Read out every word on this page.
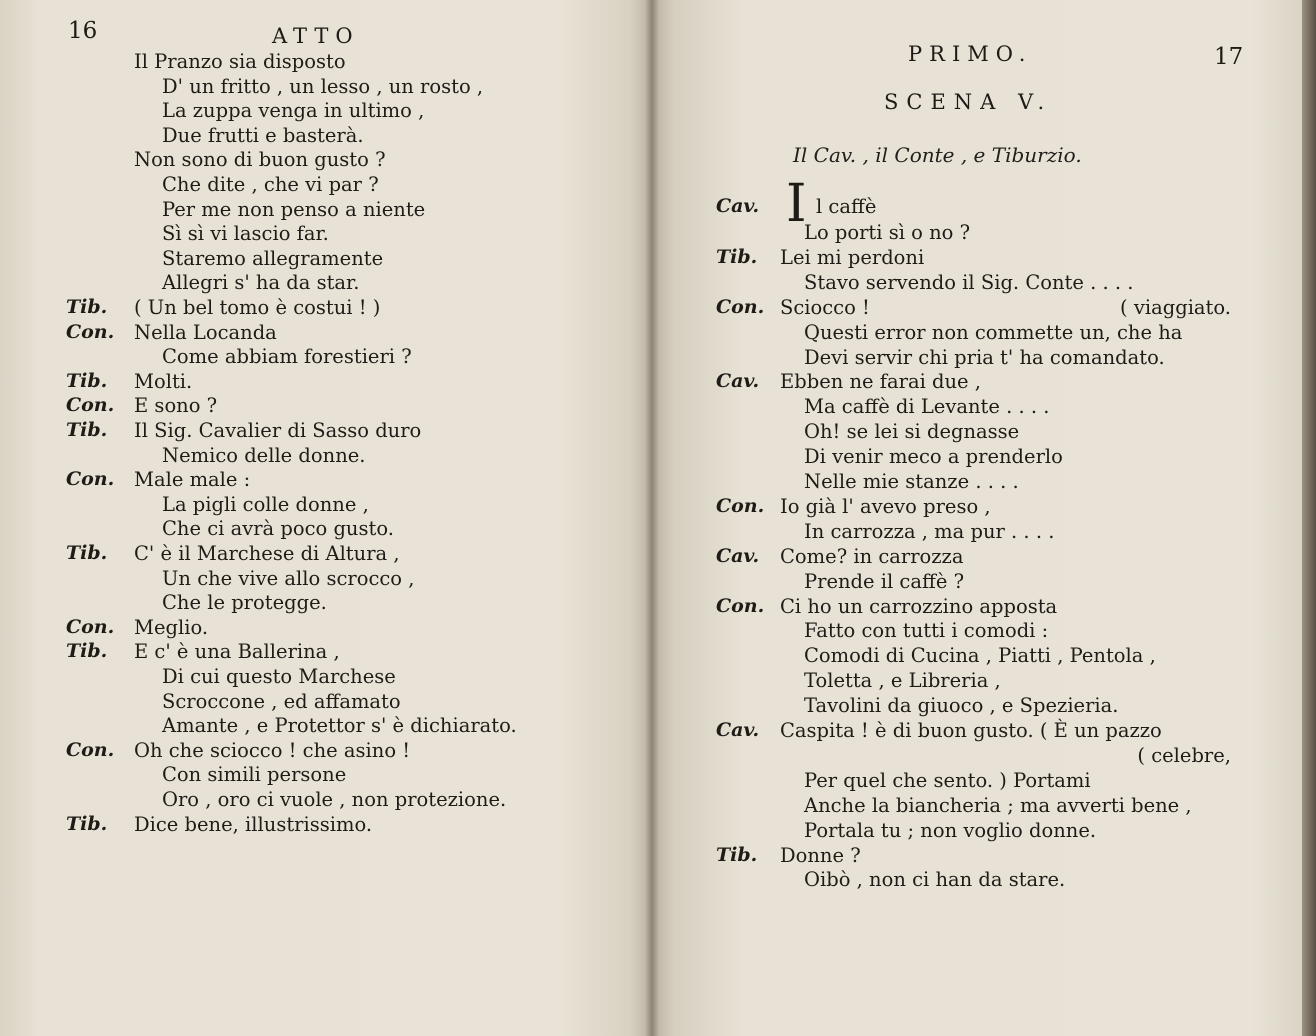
16	ATTO
Il Pranzo sia disposto
D' un fritto , un lesso , un rosto ,
La zuppa venga in ultimo ,
Due frutti e basterà.
Non sono di buon gusto ?
Che dite , che vi par ?
Per me non penso a niente
Sì sì vi lascio far.
Staremo allegramente
Allegri s' ha da star.
Tib. ( Un bel tomo è costui ! )
Con. Nella Locanda
Come abbiam forestieri ?
Tib. Molti.
Con. E sono ?
Tib. Il Sig. Cavalier di Sasso duro
Nemico delle donne.
Con. Male male :
La pigli colle donne ,
Che ci avrà poco gusto.
Tib. C' è il Marchese di Altura ,
Un che vive allo scrocco ,
Che le protegge.
Con. Meglio.
Tib. E c' è una Ballerina ,
Di cui questo Marchese
Scroccone , ed affamato
Amante , e Protettor s' è dichiarato.
Con. Oh che sciocco ! che asino !
Con simili persone
Oro , oro ci vuole , non protezione.
Tib. Dice bene, illustrissimo.
PRIMO.	17
SCENA V.
Il Cav. , il Conte , e Tiburzio.
Cav. I l caffè
Lo porti sì o no ?
Tib. Lei mi perdoni
Stavo servendo il Sig. Conte . . . .
Con. Sciocco !	( viaggiato.
Questi error non commette un, che ha
Devi servir chi pria t' ha comandato.
Cav. Ebben ne farai due ,
Ma caffè di Levante . . . .
Oh! se lei si degnasse
Di venir meco a prenderlo
Nelle mie stanze . . . .
Con. Io già l' avevo preso ,
In carrozza , ma pur . . . .
Cav. Come? in carrozza
Prende il caffè ?
Con. Ci ho un carrozzino apposta
Fatto con tutti i comodi :
Comodi di Cucina , Piatti , Pentola ,
Toletta , e Libreria ,
Tavolini da giuoco , e Spezieria.
Cav. Caspita ! è di buon gusto. ( È un pazzo
( celebre,
Per quel che sento. ) Portami
Anche la biancheria ; ma avverti bene ,
Portala tu ; non voglio donne.
Tib. Donne ?
Oibò , non ci han da stare.
